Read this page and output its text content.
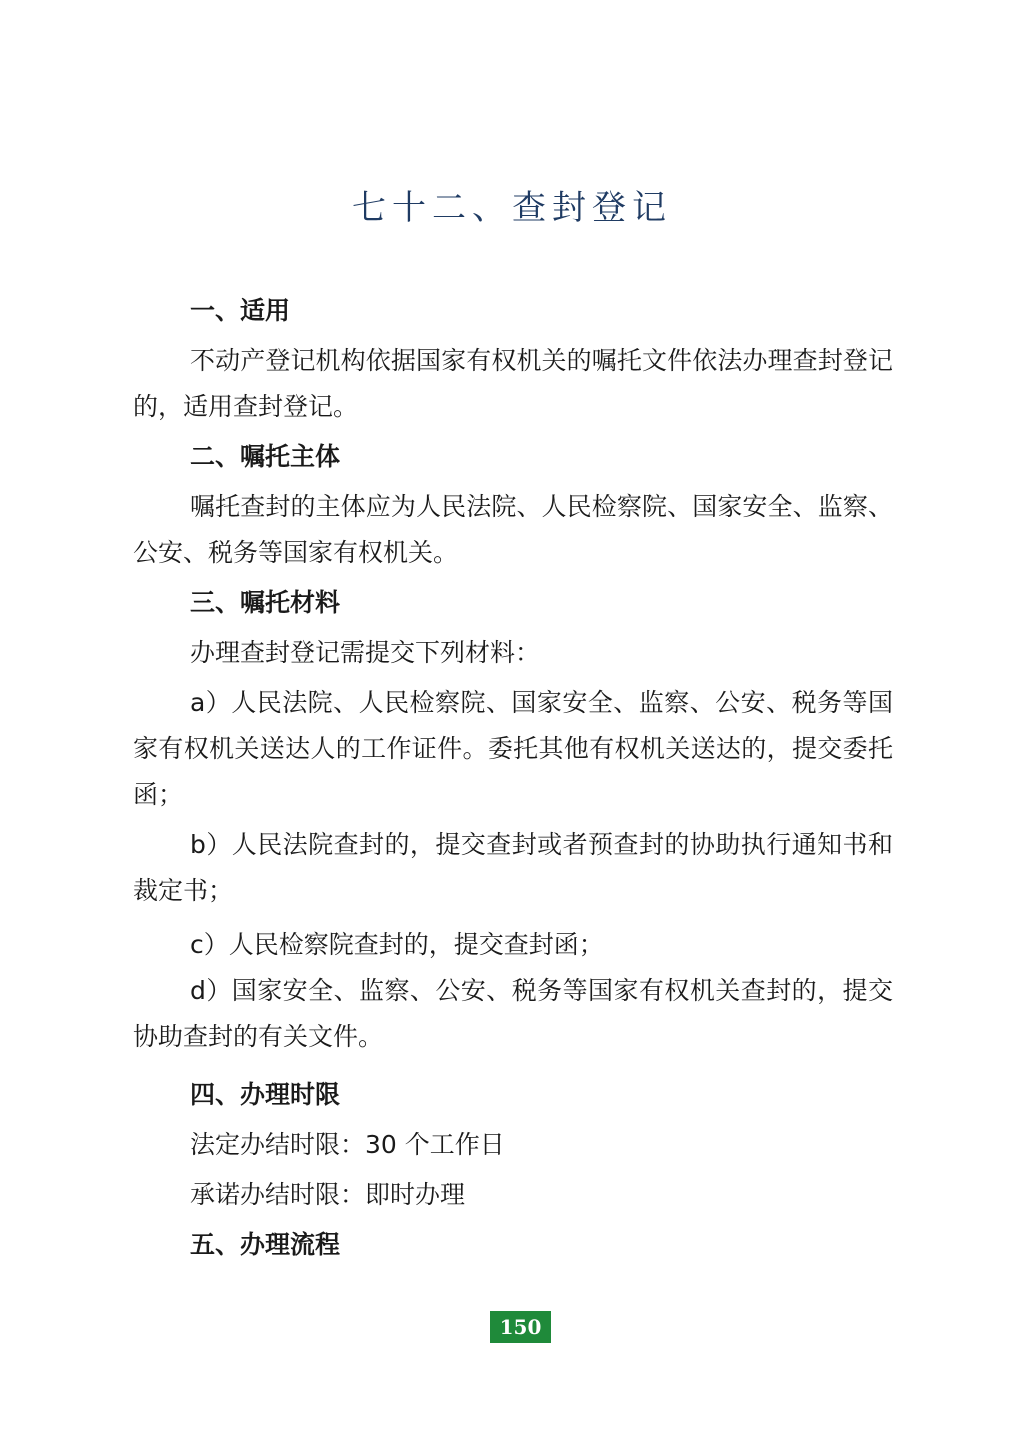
七十二、查封登记

一、适用

不动产登记机构依据国家有权机关的嘱托文件依法办理查封登记的，适用查封登记。

二、嘱托主体

嘱托查封的主体应为人民法院、人民检察院、国家安全、监察、公安、税务等国家有权机关。

三、嘱托材料

办理查封登记需提交下列材料：

a）人民法院、人民检察院、国家安全、监察、公安、税务等国家有权机关送达人的工作证件。委托其他有权机关送达的，提交委托函；

b）人民法院查封的，提交查封或者预查封的协助执行通知书和裁定书；

c）人民检察院查封的，提交查封函；

d）国家安全、监察、公安、税务等国家有权机关查封的，提交协助查封的有关文件。

四、办理时限

法定办结时限：30 个工作日

承诺办结时限：即时办理

五、办理流程

150
